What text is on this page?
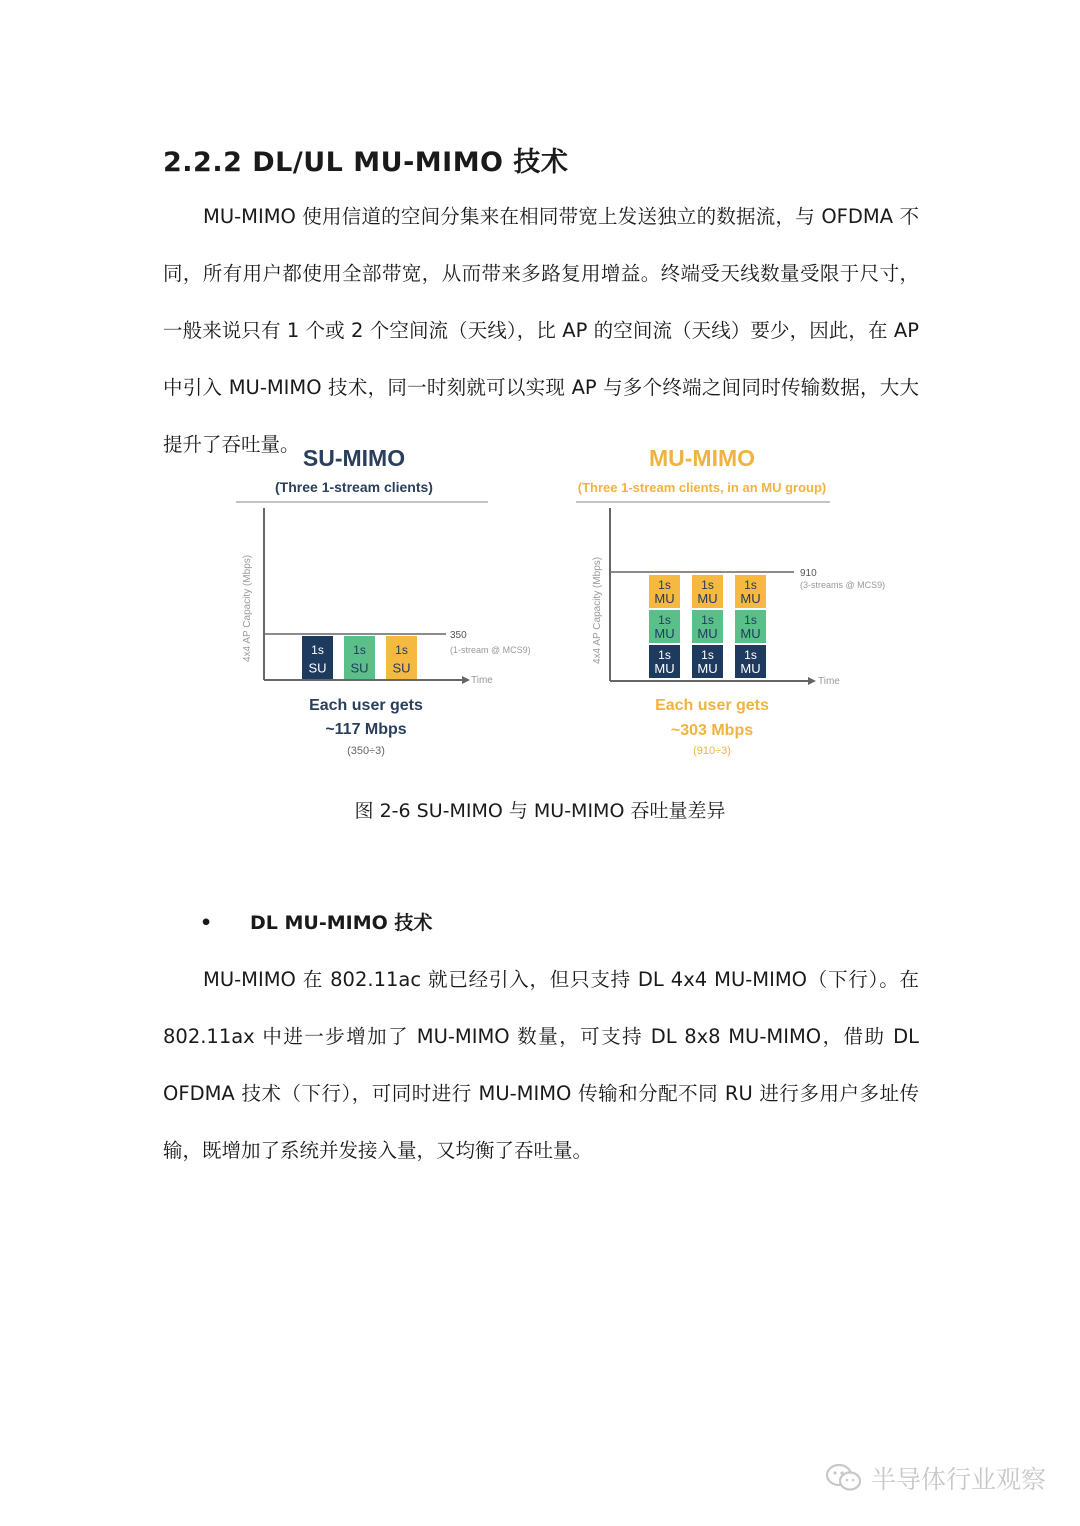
2.2.2 DL/UL MU-MIMO 技术

MU-MIMO 使用信道的空间分集来在相同带宽上发送独立的数据流，与 OFDMA 不同，所有用户都使用全部带宽，从而带来多路复用增益。终端受天线数量受限于尺寸，一般来说只有 1 个或 2 个空间流（天线），比 AP 的空间流（天线）要少，因此，在 AP 中引入 MU-MIMO 技术，同一时刻就可以实现 AP 与多个终端之间同时传输数据，大大提升了吞吐量。

SU-MIMO
(Three 1-stream clients)
4x4 AP Capacity (Mbps)
Time
350
(1-stream @ MCS9)
1s
SU
1s
SU
1s
SU
Each user gets
~117 Mbps
(350÷3)
MU-MIMO
(Three 1-stream clients, in an MU group)
4x4 AP Capacity (Mbps)
Time
910
(3-streams @ MCS9)
1s
MU
1s
MU
1s
MU
1s
MU
1s
MU
1s
MU
1s
MU
1s
MU
1s
MU
Each user gets
~303 Mbps
(910÷3)
图 2-6 SU-MIMO 与 MU-MIMO 吞吐量差异
• DL MU-MIMO 技术

MU-MIMO 在 802.11ac 就已经引入，但只支持 DL 4x4 MU-MIMO（下行）。在 802.11ax 中进一步增加了 MU-MIMO 数量，可支持 DL 8x8 MU-MIMO，借助 DL OFDMA 技术（下行），可同时进行 MU-MIMO 传输和分配不同 RU 进行多用户多址传输，既增加了系统并发接入量，又均衡了吞吐量。

半导体行业观察
